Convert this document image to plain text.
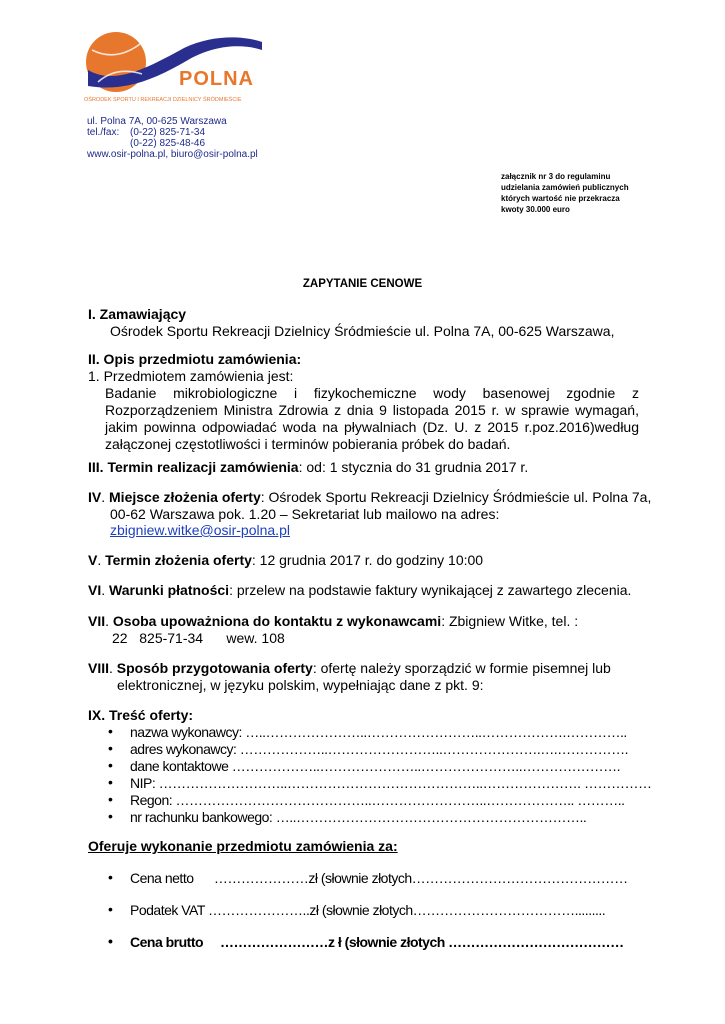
POLNA
OŚRODEK SPORTU I REKREACJI DZIELNICY ŚRÓDMIEŚCIE
ul. Polna 7A, 00-625 Warszawa
tel./fax: (0-22) 825-71-34
(0-22) 825-48-46
www.osir-polna.pl, biuro@osir-polna.pl
załącznik nr 3 do regulaminu
udzielania zamówień publicznych
których wartość nie przekracza
kwoty 30.000 euro
ZAPYTANIE CENOWE
I. Zamawiający
Ośrodek Sportu Rekreacji Dzielnicy Śródmieście ul. Polna 7A, 00-625 Warszawa,
II. Opis przedmiotu zamówienia:
1. Przedmiotem zamówienia jest:
Badanie mikrobiologiczne i fizykochemiczne wody basenowej zgodnie z Rozporządzeniem Ministra Zdrowia z dnia 9 listopada 2015 r. w sprawie wymagań, jakim powinna odpowiadać woda na pływalniach (Dz. U. z 2015 r.poz.2016)według załączonej częstotliwości i terminów pobierania próbek do badań.
III. Termin realizacji zamówienia: od: 1 stycznia do 31 grudnia 2017 r.
IV. Miejsce złożenia oferty: Ośrodek Sportu Rekreacji Dzielnicy Śródmieście ul. Polna 7a,
00-62 Warszawa pok. 1.20 – Sekretariat lub mailowo na adres:
zbigniew.witke@osir-polna.pl
V. Termin złożenia oferty: 12 grudnia 2017 r. do godziny 10:00
VI. Warunki płatności: przelew na podstawie faktury wynikającej z zawartego zlecenia.
VII. Osoba upoważniona do kontaktu z wykonawcami: Zbigniew Witke, tel. :
22   825-71-34      wew. 108
VIII. Sposób przygotowania oferty: ofertę należy sporządzić w formie pisemnej lub
elektronicznej, w języku polskim, wypełniając dane z pkt. 9:
IX. Treść oferty:
• nazwa wykonawcy: …..…………………..……………………..……………….…………..
• adres wykonawcy: ………………..……………………..………………….….…………….
• dane kontaktowe ………………..…………………..…………………..………………….
• NIP: ………………………..……………………………………..…………………. ……………
• Regon: ……………………………………..……………………..……………….. ………..
• nr rachunku bankowego: …..………………………………………………………..
Oferuje wykonanie przedmiotu zamówienia za:
• Cena netto      …………………zł (słownie złotych…………………………………………
• Podatek VAT …………………..zł (słownie złotych……………………………….........
• Cena brutto     ……………………z ł (słownie złotych …………………………………
